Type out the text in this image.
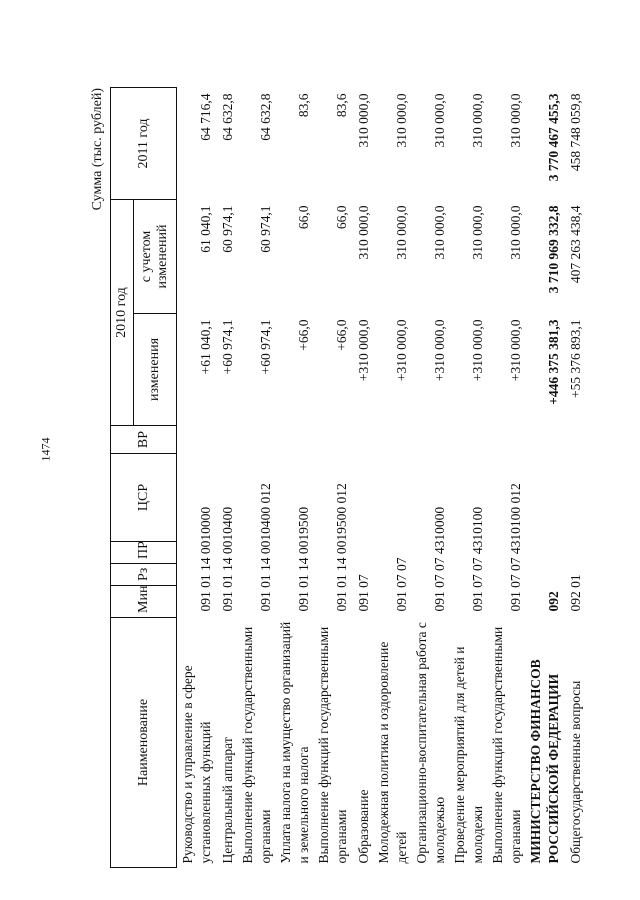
1474
Сумма (тыс. рублей)
Наименование	Мин	Рз	ПР	ЦСР	ВР	2010 год		2011 год
						изменения	с учетом изменений	
Руководство и управление в сфере установленных функций	091 01 14 0010000					+61 040,1	61 040,1	64 716,4
Центральный аппарат	091 01 14 0010400					+60 974,1	60 974,1	64 632,8
Выполнение функций государственными органами	091 01 14 0010400 012					+60 974,1	60 974,1	64 632,8
Уплата налога на имущество организаций и земельного налога	091 01 14 0019500					+66,0	66,0	83,6
Выполнение функций государственными органами	091 01 14 0019500 012					+66,0	66,0	83,6
Образование	091 07					+310 000,0	310 000,0	310 000,0
Молодежная политика и оздоровление детей	091 07 07					+310 000,0	310 000,0	310 000,0
Организационно-воспитательная работа с молодежью	091 07 07 4310000					+310 000,0	310 000,0	310 000,0
Проведение мероприятий для детей и молодежи	091 07 07 4310100					+310 000,0	310 000,0	310 000,0
Выполнение функций государственными органами	091 07 07 4310100 012					+310 000,0	310 000,0	310 000,0
МИНИСТЕРСТВО ФИНАНСОВ РОССИЙСКОЙ ФЕДЕРАЦИИ	092					+446 375 381,3	3 710 969 332,8	3 770 467 455,3
Общегосударственные вопросы	092 01					+55 376 893,1	407 263 438,4	458 748 059,8
